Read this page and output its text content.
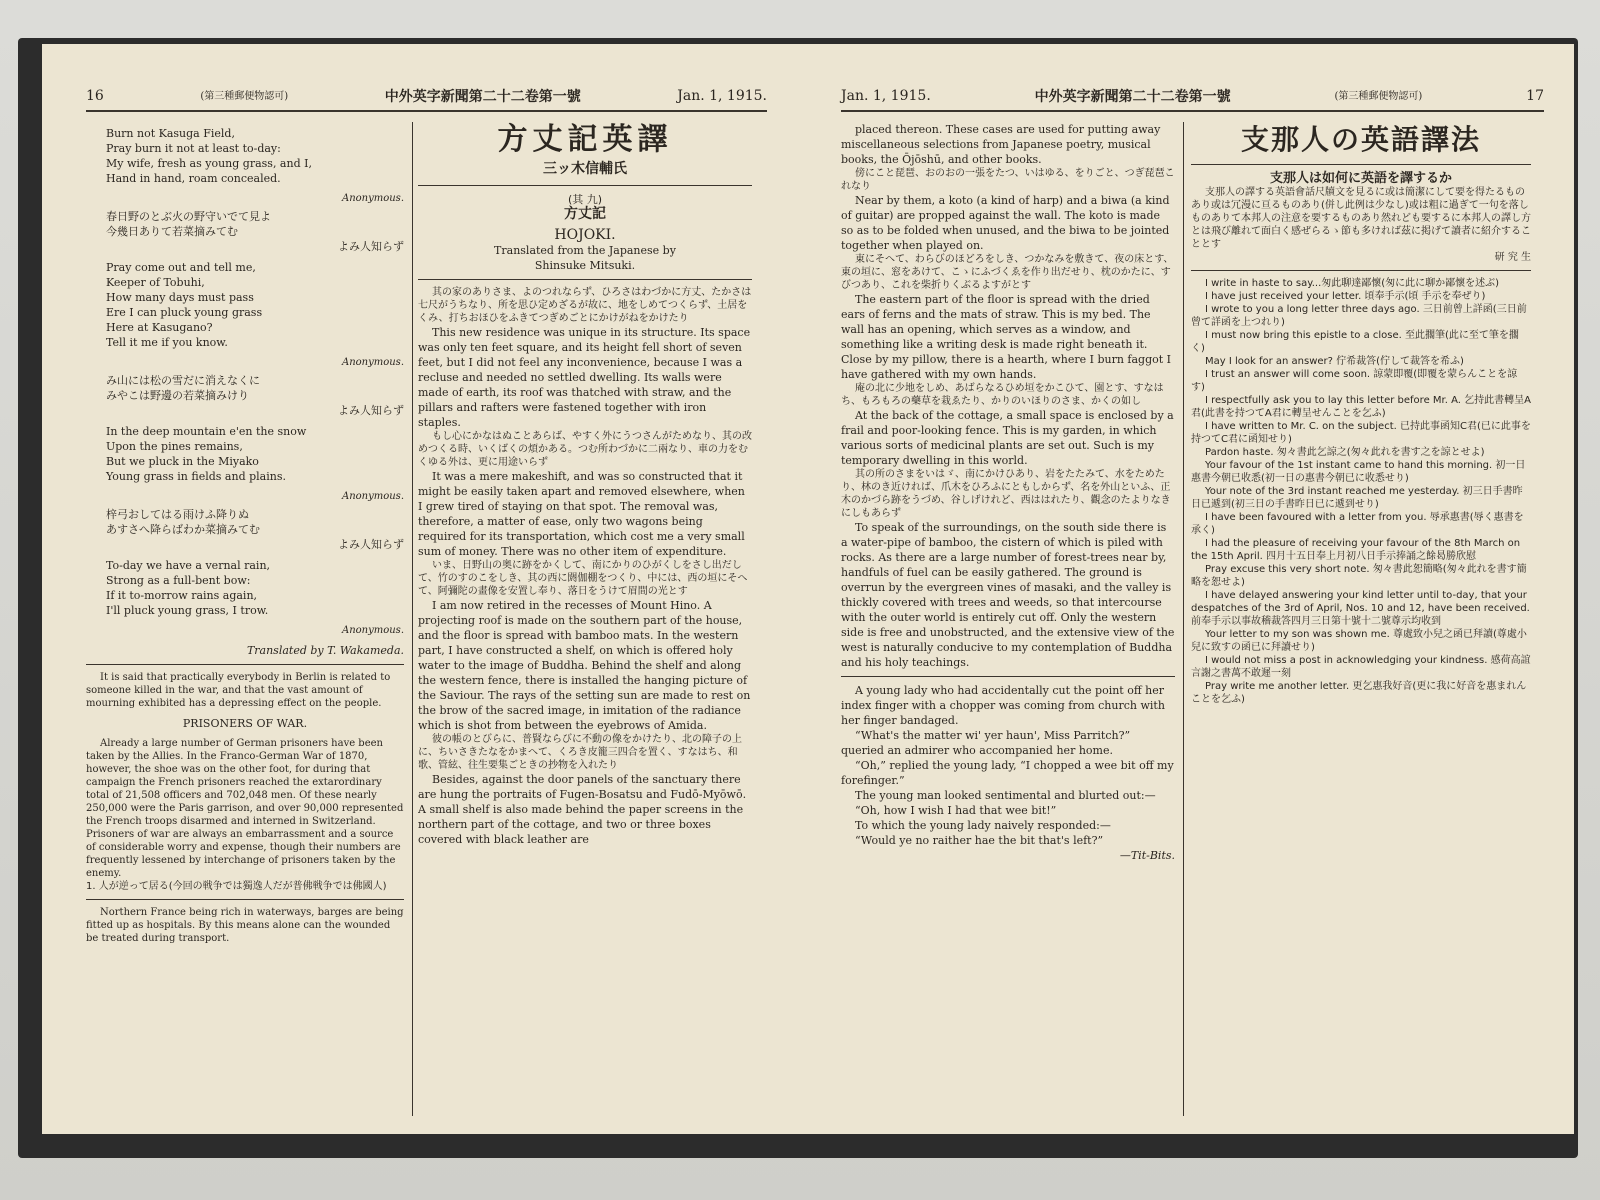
16	(第三種郵便物認可)	中外英字新聞第二十二卷第一號	Jan. 1, 1915.
Burn not Kasuga Field,
Pray burn it not at least to-day:
My wife, fresh as young grass, and I,
Hand in hand, roam concealed.
Anonymous.
春日野のとぶ火の野守いでて見よ
今幾日ありて若菜摘みてむ
よみ人知らず
Pray come out and tell me,
Keeper of Tobuhi,
How many days must pass
Ere I can pluck young grass
Here at Kasugano?
Tell it me if you know.
Anonymous.
み山には松の雪だに消えなくに
みやこは野邊の若菜摘みけり
よみ人知らず
In the deep mountain e'en the snow
Upon the pines remains,
But we pluck in the Miyako
Young grass in fields and plains.
Anonymous.
梓弓おしてはる雨けふ降りぬ
あすさへ降らばわか菜摘みてむ
よみ人知らず
To-day we have a vernal rain,
Strong as a full-bent bow:
If it to-morrow rains again,
I'll pluck young grass, I trow.
Anonymous.
Translated by T. Wakameda.
It is said that practically everybody in Berlin is related to someone killed in the war, and that the vast amount of mourning exhibited has a depressing effect on the people.
PRISONERS OF WAR.
Already a large number of German prisoners have been taken by the Allies. In the Franco-German War of 1870, however, the shoe was on the other foot, for during that campaign the French prisoners reached the extarordinary total of 21,508 officers and 702,048 men. Of these nearly 250,000 were the Paris garrison, and over 90,000 represented the French troops disarmed and interned in Switzerland. Prisoners of war are always an embarrassment and a source of considerable worry and expense, though their numbers are frequently lessened by interchange of prisoners taken by the enemy.
1. 人が逆って居る(今回の戦争では獨逸人だが普佛戦争では佛國人)
Northern France being rich in waterways, barges are being fitted up as hospitals. By this means alone can the wounded be treated during transport.
方丈記英譯
三ッ木信輔氏
(其 九)
方丈記
HOJOKI.
Translated from the Japanese by
Shinsuke Mitsuki.
其の家のありさま、よのつれならず、ひろさはわづかに方丈、たかさは七尺がうちなり、所を思ひ定めざるが故に、地をしめてつくらず、土居をくみ、打ちおほひをふきてつぎめごとにかけがねをかけたり
This new residence was unique in its structure. Its space was only ten feet square, and its height fell short of seven feet, but I did not feel any inconvenience, because I was a recluse and needed no settled dwelling. Its walls were made of earth, its roof was thatched with straw, and the pillars and rafters were fastened together with iron staples.
もし心にかなはぬことあらば、やすく外にうつさんがためなり、其の改めつくる時、いくばくの煩かある。つむ所わづかに二兩なり、車の力をむくゆる外は、更に用途いらず
It was a mere makeshift, and was so constructed that it might be easily taken apart and removed elsewhere, when I grew tired of staying on that spot. The removal was, therefore, a matter of ease, only two wagons being required for its transportation, which cost me a very small sum of money. There was no other item of expenditure.
いま、日野山の奥に跡をかくして、南にかりのひがくしをさし出だして、竹のすのこをしき、其の西に閼伽棚をつくり、中には、西の垣にそへて、阿彌陀の畫像を安置し奉り、落日をうけて眉間の光とす
I am now retired in the recesses of Mount Hino. A projecting roof is made on the southern part of the house, and the floor is spread with bamboo mats. In the western part, I have constructed a shelf, on which is offered holy water to the image of Buddha. Behind the shelf and along the western fence, there is installed the hanging picture of the Saviour. The rays of the setting sun are made to rest on the brow of the sacred image, in imitation of the radiance which is shot from between the eyebrows of Amida.
彼の帳のとびらに、普賢ならびに不動の像をかけたり、北の障子の上に、ちいさきたなをかまへて、くろき皮籠三四合を置く、すなはち、和歌、管絃、往生要集ごときの抄物を入れたり
Besides, against the door panels of the sanctuary there are hung the portraits of Fugen-Bosatsu and Fudō-Myōwō. A small shelf is also made behind the paper screens in the northern part of the cottage, and two or three boxes covered with black leather are
Jan. 1, 1915.	中外英字新聞第二十二卷第一號	(第三種郵便物認可)	17
placed thereon. These cases are used for putting away miscellaneous selections from Japanese poetry, musical books, the Ōjōshū, and other books.
傍にこと琵琶、おのおの一張をたつ、いはゆる、をりごと、つぎ琵琶これなり
Near by them, a koto (a kind of harp) and a biwa (a kind of guitar) are propped against the wall. The koto is made so as to be folded when unused, and the biwa to be jointed together when played on.
東にそへて、わらびのほどろをしき、つかなみを敷きて、夜の床とす、東の垣に、窓をあけて、こゝにふづくゑを作り出だせり、枕のかたに、すびつあり、これを柴折りくぶるよすがとす
The eastern part of the floor is spread with the dried ears of ferns and the mats of straw. This is my bed. The wall has an opening, which serves as a window, and something like a writing desk is made right beneath it. Close by my pillow, there is a hearth, where I burn faggot I have gathered with my own hands.
庵の北に少地をしめ、あばらなるひめ垣をかこひて、園とす、すなはち、もろもろの藥草を栽ゑたり、かりのいほりのさま、かくの如し
At the back of the cottage, a small space is enclosed by a frail and poor-looking fence. This is my garden, in which various sorts of medicinal plants are set out. Such is my temporary dwelling in this world.
其の所のさまをいはゞ、南にかけひあり、岩をたたみて、水をためたり、林のき近ければ、爪木をひろふにともしからず、名を外山といふ、正木のかづら跡をうづめ、谷しげけれど、西ははれたり、觀念のたよりなきにしもあらず
To speak of the surroundings, on the south side there is a water-pipe of bamboo, the cistern of which is piled with rocks. As there are a large number of forest-trees near by, handfuls of fuel can be easily gathered. The ground is overrun by the evergreen vines of masaki, and the valley is thickly covered with trees and weeds, so that intercourse with the outer world is entirely cut off. Only the western side is free and unobstructed, and the extensive view of the west is naturally conducive to my contemplation of Buddha and his holy teachings.
A young lady who had accidentally cut the point off her index finger with a chopper was coming from church with her finger bandaged.
“What's the matter wi' yer haun', Miss Parritch?” queried an admirer who accompanied her home.
“Oh,” replied the young lady, “I chopped a wee bit off my forefinger.”
The young man looked sentimental and blurted out:—
“Oh, how I wish I had that wee bit!”
To which the young lady naively responded:—
“Would ye no raither hae the bit that's left?”
—Tit-Bits.
支那人の英語譯法
支那人は如何に英語を譯するか
支那人の譯する英語會話尺牘文を見るに或は簡潔にして要を得たるものあり或は冗漫に亘るものあり(併し此例は少なし)或は粗に過ぎて一句を落しものありて本邦人の注意を要するものあり然れども要するに本邦人の譯し方とは飛び離れて面白く感ぜらるゝ節も多ければ茲に掲げて讀者に紹介することとす
研 究 生
I write in haste to say...匆此聊達鄙懷(匆に此に聊か鄙懷を述ぶ)
I have just received your letter. 頃奉手示(頃 手示を奉ぜり)
I wrote to you a long letter three days ago. 三日前曾上詳函(三日前曾て詳函を上つれり)
I must now bring this epistle to a close. 至此擱筆(此に至て筆を擱く)
May I look for an answer? 佇希裁答(佇して裁答を希ふ)
I trust an answer will come soon. 諒蒙即覆(即覆を蒙らんことを諒す)
I respectfully ask you to lay this letter before Mr. A. 乞持此書轉呈A君(此書を持つてA君に轉呈せんことを乞ふ)
I have written to Mr. C. on the subject. 已持此事函知C君(已に此事を持つてC君に函知せり)
Pardon haste. 匆々書此乞諒之(匆々此れを書す之を諒とせよ)
Your favour of the 1st instant came to hand this morning. 初一日惠書今朝已收悉(初一日の惠書今朝已に收悉せり)
Your note of the 3rd instant reached me yesterday. 初三日手書昨日已遞到(初三日の手書昨日已に遞到せり)
I have been favoured with a letter from you. 辱承惠書(辱く惠書を承く)
I had the pleasure of receiving your favour of the 8th March on the 15th April. 四月十五日奉上月初八日手示捧誦之餘曷勝欣慰
Pray excuse this very short note. 匆々書此恕簡略(匆々此れを書す簡略を恕せよ)
I have delayed answering your kind letter until to-day, that your despatches of the 3rd of April, Nos. 10 and 12, have been received. 前奉手示以事故稽裁答四月三日第十號十二號尊示均收到
Your letter to my son was shown me. 尊處致小兒之函已拜讀(尊處小兒に致すの函已に拜讀せり)
I would not miss a post in acknowledging your kindness. 感荷高誼言謝之書萬不敢遲一刻
Pray write me another letter. 更乞惠我好音(更に我に好音を惠まれんことを乞ふ)
